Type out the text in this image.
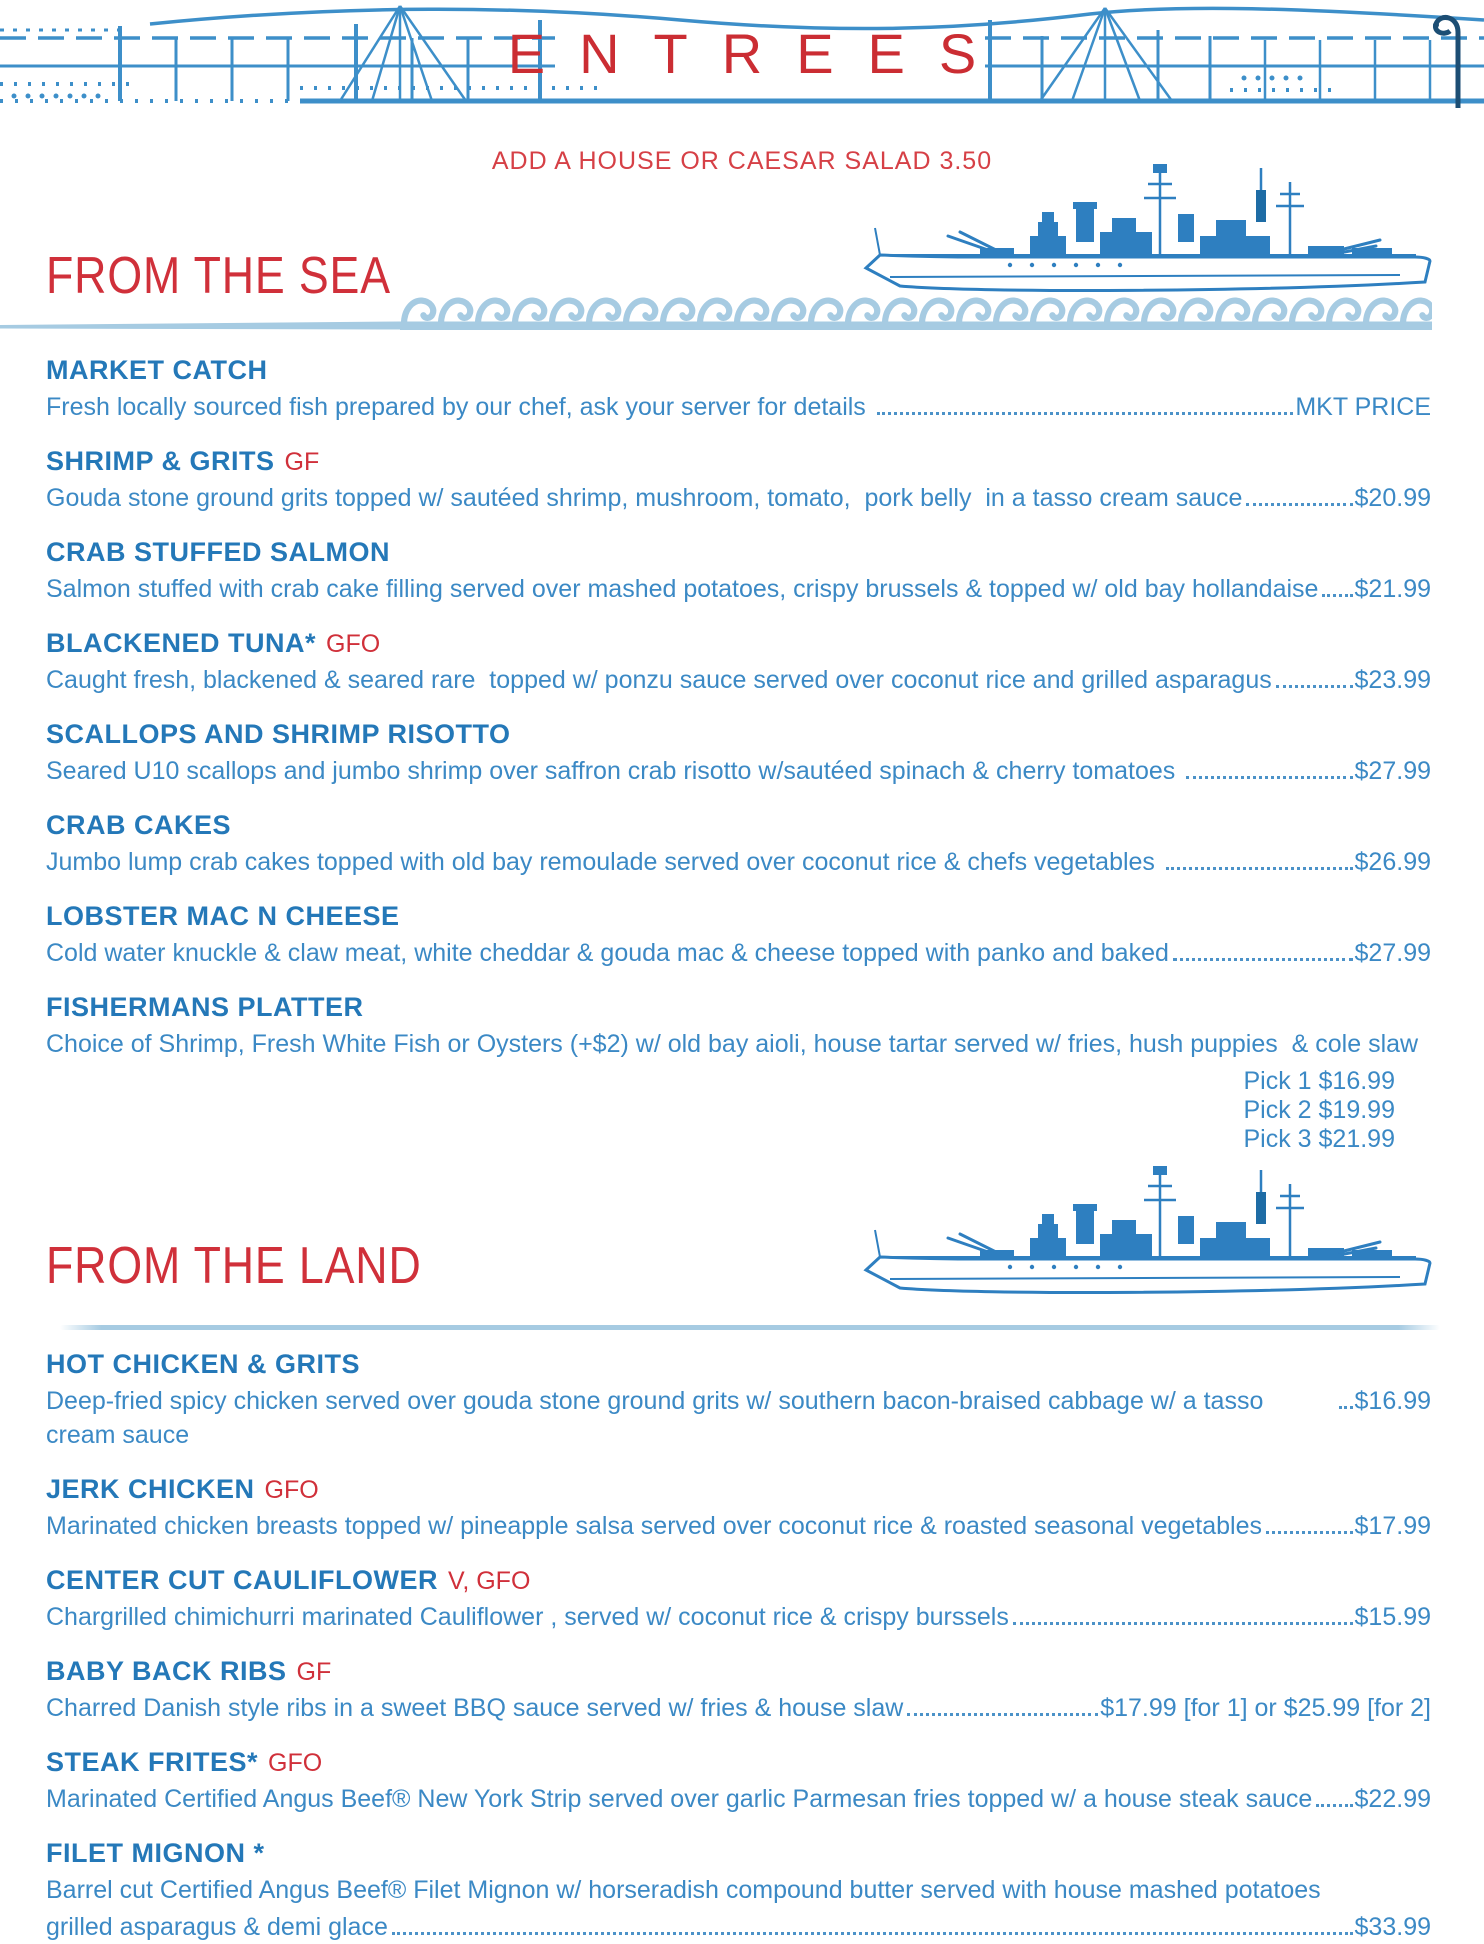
ENTREES
ADD A HOUSE OR CAESAR SALAD 3.50
FROM THE SEA
MARKET CATCH

Fresh locally sourced fish prepared by our chef, ask your server for details	MKT PRICE

SHRIMP & GRITS GF

Gouda stone ground grits topped w/ sautéed shrimp, mushroom, tomato,  pork belly  in a tasso cream sauce	$20.99

CRAB STUFFED SALMON

Salmon stuffed with crab cake filling served over mashed potatoes, crispy brussels & topped w/ old bay hollandaise $21.99

BLACKENED TUNA* GFO

Caught fresh, blackened & seared rare  topped w/ ponzu sauce served over coconut rice and grilled asparagus	$23.99

SCALLOPS AND SHRIMP RISOTTO

Seared U10 scallops and jumbo shrimp over saffron crab risotto w/sautéed spinach & cherry tomatoes	$27.99

CRAB CAKES

Jumbo lump crab cakes topped with old bay remoulade served over coconut rice & chefs vegetables	$26.99

LOBSTER MAC N CHEESE

Cold water knuckle & claw meat, white cheddar & gouda mac & cheese topped with panko and baked	$27.99

FISHERMANS PLATTER

Choice of Shrimp, Fresh White Fish or Oysters (+$2) w/ old bay aioli, house tartar served w/ fries, hush puppies  & cole slaw

Pick 1 $16.99
Pick 2 $19.99
Pick 3 $21.99
FROM THE LAND
HOT CHICKEN & GRITS

Deep-fried spicy chicken served over gouda stone ground grits w/ southern bacon-braised cabbage w/ a tasso cream sauce
$16.99

JERK CHICKEN GFO

Marinated chicken breasts topped w/ pineapple salsa served over coconut rice & roasted seasonal vegetables	$17.99

CENTER CUT CAULIFLOWER V, GFO

Chargrilled chimichurri marinated Cauliflower , served w/ coconut rice & crispy burssels	$15.99

BABY BACK RIBS GF

Charred Danish style ribs in a sweet BBQ sauce served w/ fries & house slaw	$17.99 [for 1] or $25.99 [for 2]

STEAK FRITES* GFO

Marinated Certified Angus Beef® New York Strip served over garlic Parmesan fries topped w/ a house steak sauce $22.99

FILET MIGNON *

Barrel cut Certified Angus Beef® Filet Mignon w/ horseradish compound butter served with house mashed potatoes

grilled asparagus & demi glace	$33.99
